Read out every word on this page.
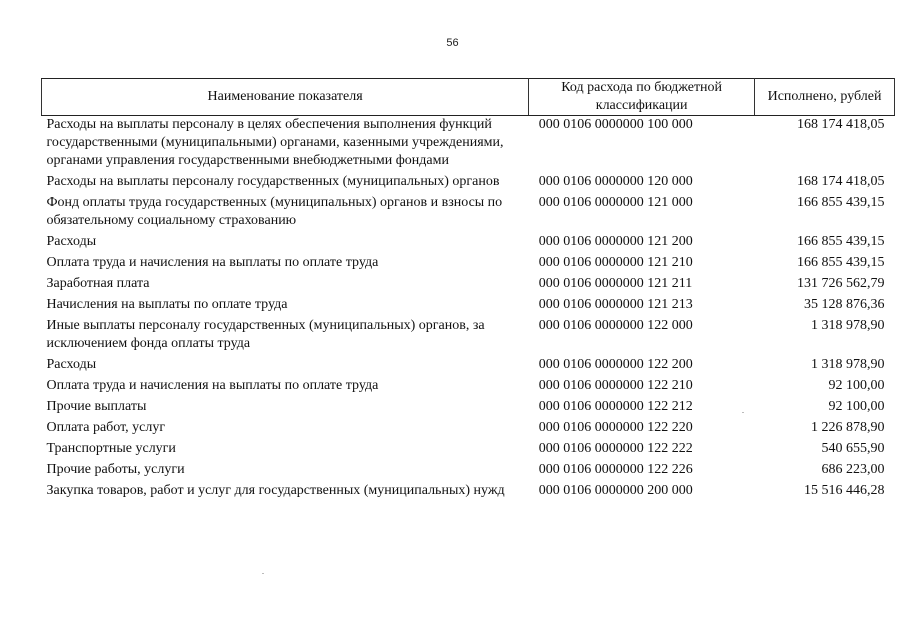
56
Наименование показателя	Код расхода по бюджетной классификации	Исполнено, рублей
Расходы на выплаты персоналу в целях обеспечения выполнения функций государственными (муниципальными) органами, казенными учреждениями, органами управления государственными внебюджетными фондами	000 0106 0000000 100 000	168 174 418,05
Расходы на выплаты персоналу государственных (муниципальных) органов	000 0106 0000000 120 000	168 174 418,05
Фонд оплаты труда государственных (муниципальных) органов и взносы по обязательному социальному страхованию	000 0106 0000000 121 000	166 855 439,15
Расходы	000 0106 0000000 121 200	166 855 439,15
Оплата труда и начисления на выплаты по оплате труда	000 0106 0000000 121 210	166 855 439,15
Заработная плата	000 0106 0000000 121 211	131 726 562,79
Начисления на выплаты по оплате труда	000 0106 0000000 121 213	35 128 876,36
Иные выплаты персоналу государственных (муниципальных) органов, за исключением фонда оплаты труда	000 0106 0000000 122 000	1 318 978,90
Расходы	000 0106 0000000 122 200	1 318 978,90
Оплата труда и начисления на выплаты по оплате труда	000 0106 0000000 122 210	92 100,00
Прочие выплаты	000 0106 0000000 122 212	92 100,00
Оплата работ, услуг	000 0106 0000000 122 220	1 226 878,90
Транспортные услуги	000 0106 0000000 122 222	540 655,90
Прочие работы, услуги	000 0106 0000000 122 226	686 223,00
Закупка товаров, работ и услуг для государственных (муниципальных) нужд	000 0106 0000000 200 000	15 516 446,28
